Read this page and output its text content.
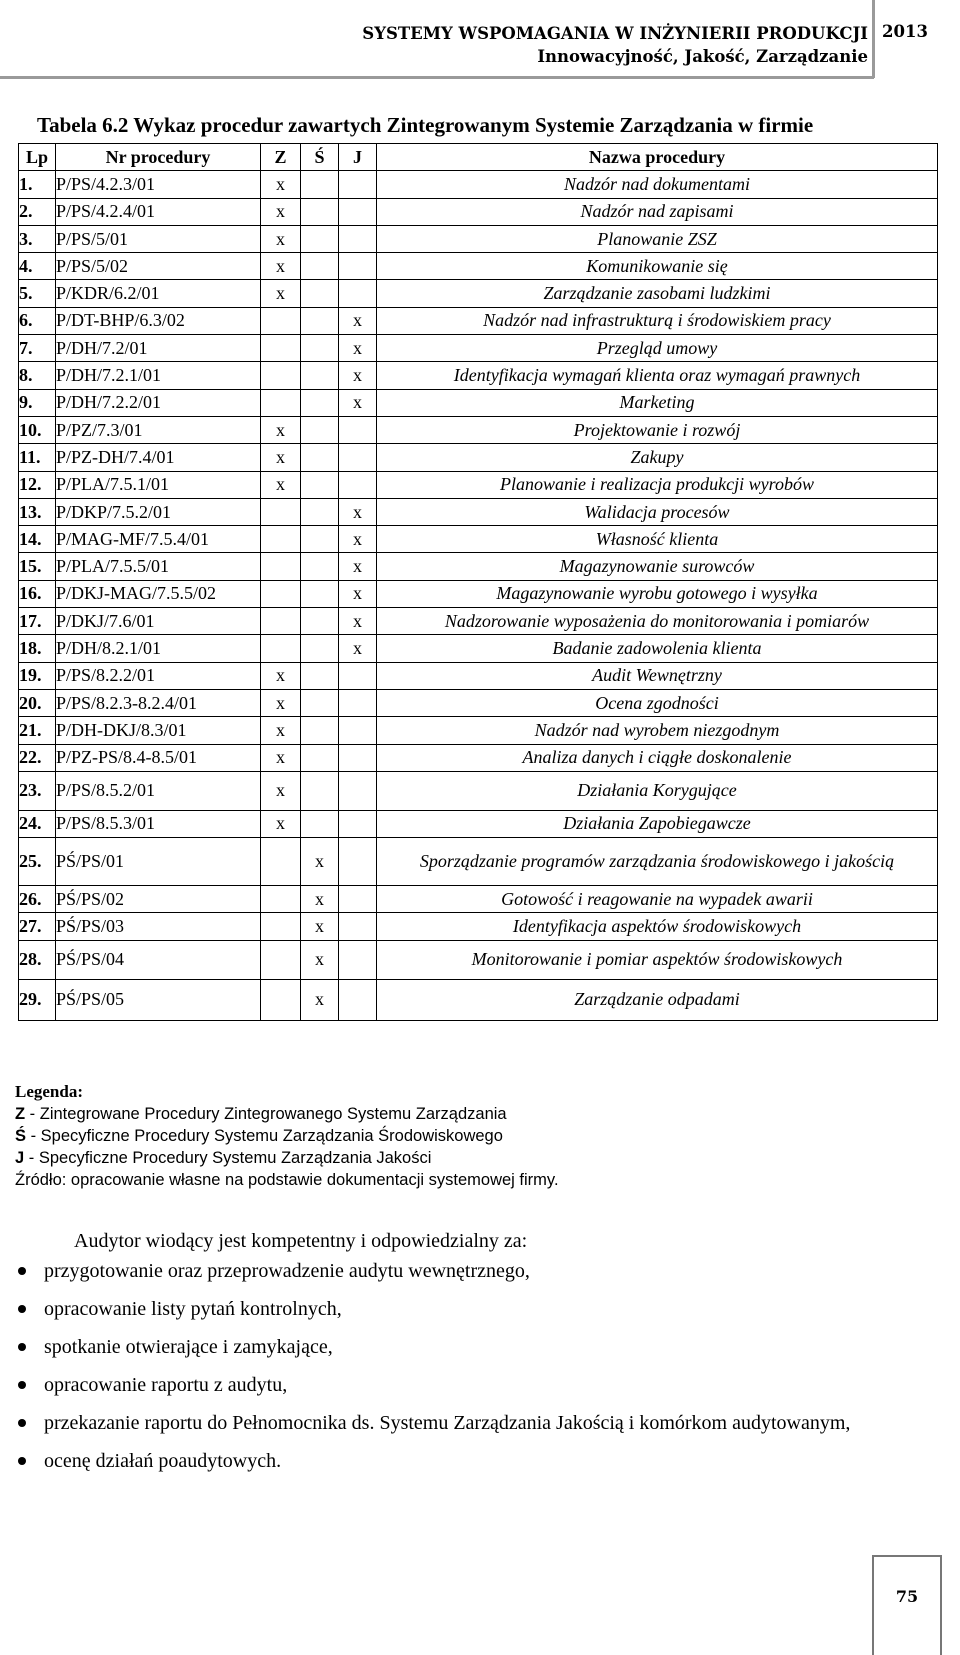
SYSTEMY WSPOMAGANIA W INŻYNIERII PRODUKCJI
Innowacyjność, Jakość, Zarządzanie
2013
Tabela 6.2 Wykaz procedur zawartych Zintegrowanym Systemie Zarządzania w firmie
Lp	Nr procedury	Z	Ś	J	Nazwa procedury
1.	P/PS/4.2.3/01	x			Nadzór nad dokumentami
2.	P/PS/4.2.4/01	x			Nadzór nad zapisami
3.	P/PS/5/01	x			Planowanie ZSZ
4.	P/PS/5/02	x			Komunikowanie się
5.	P/KDR/6.2/01	x			Zarządzanie zasobami ludzkimi
6.	P/DT-BHP/6.3/02			x	Nadzór nad infrastrukturą i środowiskiem pracy
7.	P/DH/7.2/01			x	Przegląd umowy
8.	P/DH/7.2.1/01			x	Identyfikacja wymagań klienta oraz wymagań prawnych
9.	P/DH/7.2.2/01			x	Marketing
10.	P/PZ/7.3/01	x			Projektowanie i rozwój
11.	P/PZ-DH/7.4/01	x			Zakupy
12.	P/PLA/7.5.1/01	x			Planowanie i realizacja produkcji wyrobów
13.	P/DKP/7.5.2/01			x	Walidacja procesów
14.	P/MAG-MF/7.5.4/01			x	Własność klienta
15.	P/PLA/7.5.5/01			x	Magazynowanie surowców
16.	P/DKJ-MAG/7.5.5/02			x	Magazynowanie wyrobu gotowego i wysyłka
17.	P/DKJ/7.6/01			x	Nadzorowanie wyposażenia do monitorowania i pomiarów
18.	P/DH/8.2.1/01			x	Badanie zadowolenia klienta
19.	P/PS/8.2.2/01	x			Audit Wewnętrzny
20.	P/PS/8.2.3-8.2.4/01	x			Ocena zgodności
21.	P/DH-DKJ/8.3/01	x			Nadzór nad wyrobem niezgodnym
22.	P/PZ-PS/8.4-8.5/01	x			Analiza danych i ciągłe doskonalenie
23.	P/PS/8.5.2/01	x			Działania Korygujące
24.	P/PS/8.5.3/01	x			Działania Zapobiegawcze
25.	PŚ/PS/01		x		Sporządzanie programów zarządzania środowiskowego i jakością
26.	PŚ/PS/02		x		Gotowość i reagowanie na wypadek awarii
27.	PŚ/PS/03		x		Identyfikacja aspektów środowiskowych
28.	PŚ/PS/04		x		Monitorowanie i pomiar aspektów środowiskowych
29.	PŚ/PS/05		x		Zarządzanie odpadami
Legenda:
Z - Zintegrowane Procedury Zintegrowanego Systemu Zarządzania
Ś - Specyficzne Procedury Systemu Zarządzania Środowiskowego
J - Specyficzne Procedury Systemu Zarządzania Jakości
Źródło: opracowanie własne na podstawie dokumentacji systemowej firmy.
Audytor wiodący jest kompetentny i odpowiedzialny za:
przygotowanie oraz przeprowadzenie audytu wewnętrznego,
opracowanie listy pytań kontrolnych,
spotkanie otwierające i zamykające,
opracowanie raportu z audytu,
przekazanie raportu do Pełnomocnika ds. Systemu Zarządzania Jakością i komórkom audytowanym,
ocenę działań poaudytowych.
75
